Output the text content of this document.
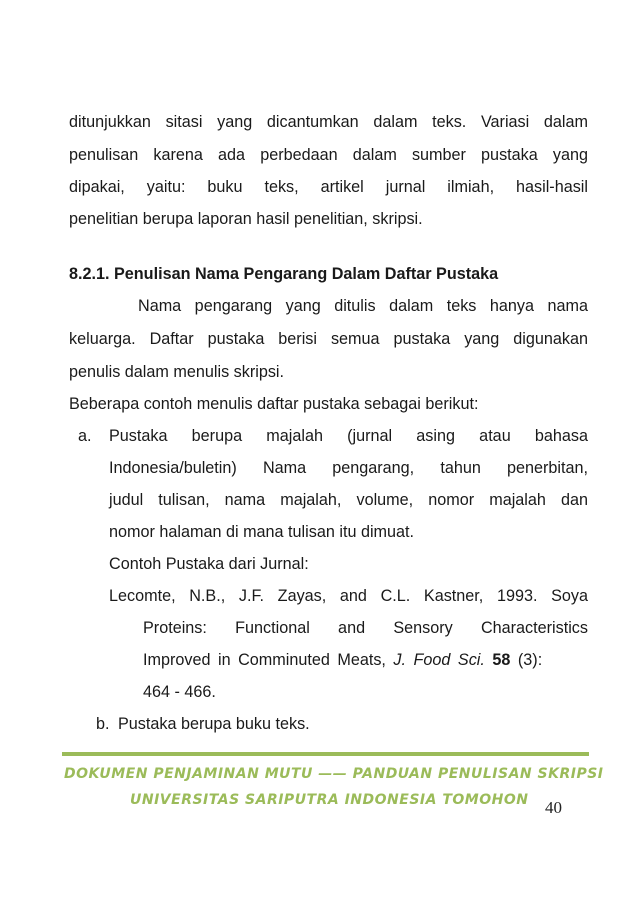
ditunjukkan sitasi yang dicantumkan dalam teks. Variasi dalam
penulisan karena ada perbedaan dalam sumber pustaka yang
dipakai, yaitu: buku teks, artikel jurnal ilmiah, hasil-hasil
penelitian berupa laporan hasil penelitian, skripsi.
8.2.1. Penulisan Nama Pengarang Dalam Daftar Pustaka
Nama pengarang yang ditulis dalam teks hanya nama
keluarga. Daftar pustaka berisi semua pustaka yang digunakan
penulis dalam menulis skripsi.
Beberapa contoh menulis daftar pustaka sebagai berikut:
a.	Pustaka berupa majalah (jurnal asing atau bahasa
Indonesia/buletin) Nama pengarang, tahun penerbitan,
judul tulisan, nama majalah, volume, nomor majalah dan
nomor halaman di mana tulisan itu dimuat.
Contoh Pustaka dari Jurnal:
Lecomte, N.B., J.F. Zayas, and C.L. Kastner, 1993. Soya
Proteins: Functional and Sensory Characteristics
Improved in Comminuted Meats, J. Food Sci. 58 (3):
464 - 466.
b. Pustaka berupa buku teks.
DOKUMEN PENJAMINAN MUTU —— PANDUAN PENULISAN SKRIPSI
UNIVERSITAS SARIPUTRA INDONESIA TOMOHON 40
